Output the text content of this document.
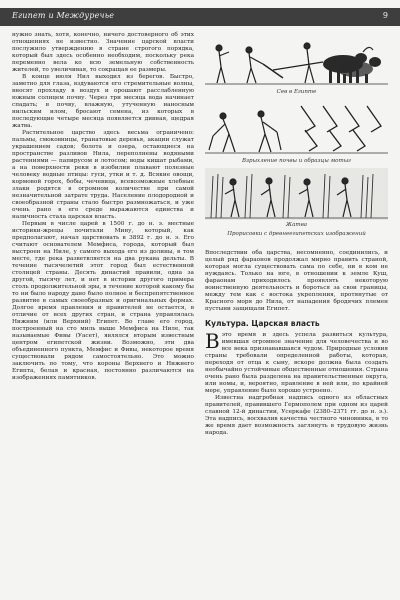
Египет и Междуречье	9

нужно знать, хотя, конечно, ничего достоверного об этих отношениях не известно. Значение царской власти послужило утверждению в стране строгого порядка, который был здесь особенно необходим, поскольку река переменно вела ко всю земельную собственность жителей, то увеличивая, то сокращая ее размеры.

В конце июля Нил выходил из берегов. Быстро, заметно для глаза, вздуваются его стремительные волны, вносят прохладу в воздух и орошают расслабленную южным солнцем почву. Через три месяца вода начинает спадать; в почву, влажную, утученную наносным нильским илом, бросают семена, из которых в последующие четыре месяца появляется дивная, щедрая жатва.

Растительное царство здесь весьма ограничено: пальмы, смоковницы, гранатовые деревья, акации служат украшением садов; болота и озера, остающиеся на пространстве разливов Нила, переполнены водяными растениями — папирусом и лотосом; воды кишат рыбами, а на поверхности реки в изобилии плавают полезные человеку водные птицы: гуси, утки и т. д. Всякие овощи, кормовой горох, бобы, чечевица, всевозможные хлебные злаки родятся в огромном количестве при самой незначительной затрате труда. Население плодородной и своеобразной страны стало быстро размножаться, и уже очень рано в его среде выражаются единства и наличность стала царская власть.

Первым в числе царей в 1500 г. до н. э. местные историки-жрецы почитали Мину, который, как предполагают, начал царствовать в 3892 г. до н. э. Его считают основателем Мемфиса, города, который был выстроен на Ниле, у самого выхода его из долины, в том месте, где река разветвляется на два рукава дельты. В течение тысячелетий этот город был естественной столицей страны. Десять династий правили, одна за другой, тысячу лет, и нет в истории другого примера столь продолжительной эры, в течение которой какому бы то ни было народу дано было полное и беспрепятственное развитие в самых своеобразных и оригинальных формах. Долгое время правления и правителей не остается, в отличие от всех других стран, и страна управлялась Нижним (или Верхний) Египет. Во главе его город, построенный на сто миль выше Мемфиса на Ниле, так называемые Фивы (Уасет), являлся вторым известным центром египетской жизни. Возможно, эти два объединенного пункта, Мемфис и Фивы, некоторое время существовали рядом самостоятельно. Это можно заключить по тому, что короны Верхнего и Нижнего Египта, белая и красная, постоянно различаются на изображениях памятников.

Сев в Египте
Взрыхление почвы и образцы мотыг
Жатва
Прорисовки с древнеегипетских изображений

Впоследствии оба царства, несомненно, соединились, и целый ряд фараонов продолжал мирно править страной, которая могла существовать сама по себе, ни в ком не нуждаясь. Только на юге, в отношении к земле Куш, фараонам приходилось проявлять некоторую воинственную деятельность и бороться за свои границы, между тем как с востока укрепления, протянутые от Красного моря до Нила, от нападения бродячих племен пустыни защищали Египет.

Культура. Царская власть

Вэто время и здесь успела развиться культура, имевшая огромное значение для человечества и во все века признававшаяся чудом. Природные условия страны требовали определенной работы, которая, переходя от отца к сыну, вскоре должна была создать необычайно устойчивые общественные отношения. Страна очень рано была разделена на правительственные округа, или номы, и, вероятно, правление в ней или, по крайней мере, управление было хорошо устроено.

Известна надгробная надпись одного из областных правителей, правившего Гермополем при одном из царей славной 12-й династии, Усеркафе (2380–2371 гг. до н. э.). Эта надпись, восхвалив качества честного чиновника, в то же время дает возможность заглянуть в трудовую жизнь народа.
